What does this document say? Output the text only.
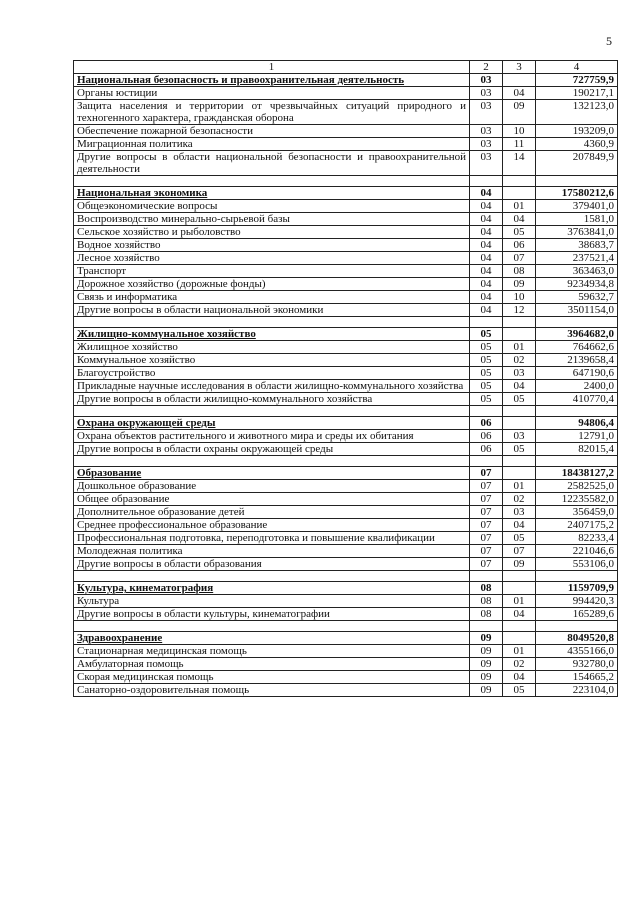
5
1	2	3	4
Национальная безопасность и правоохранительная деятельность	03		727759,9
Органы юстиции	03	04	190217,1
Защита населения и территории от чрезвычайных ситуаций природного и техногенного характера, гражданская оборона	03	09	132123,0
Обеспечение пожарной безопасности	03	10	193209,0
Миграционная политика	03	11	4360,9
Другие вопросы в области национальной безопасности и правоохранительной деятельности	03	14	207849,9

Национальная экономика	04		17580212,6
Общеэкономические вопросы	04	01	379401,0
Воспроизводство минерально-сырьевой базы	04	04	1581,0
Сельское хозяйство и рыболовство	04	05	3763841,0
Водное хозяйство	04	06	38683,7
Лесное хозяйство	04	07	237521,4
Транспорт	04	08	363463,0
Дорожное хозяйство (дорожные фонды)	04	09	9234934,8
Связь и информатика	04	10	59632,7
Другие вопросы в области национальной экономики	04	12	3501154,0

Жилищно-коммунальное хозяйство	05		3964682,0
Жилищное хозяйство	05	01	764662,6
Коммунальное хозяйство	05	02	2139658,4
Благоустройство	05	03	647190,6
Прикладные научные исследования в области жилищно-коммунального хозяйства	05	04	2400,0
Другие вопросы в области жилищно-коммунального хозяйства	05	05	410770,4

Охрана окружающей среды	06		94806,4
Охрана объектов растительного и животного мира и среды их обитания	06	03	12791,0
Другие вопросы в области охраны окружающей среды	06	05	82015,4

Образование	07		18438127,2
Дошкольное образование	07	01	2582525,0
Общее образование	07	02	12235582,0
Дополнительное образование детей	07	03	356459,0
Среднее профессиональное образование	07	04	2407175,2
Профессиональная подготовка, переподготовка и повышение квалификации	07	05	82233,4
Молодежная политика	07	07	221046,6
Другие вопросы в области образования	07	09	553106,0

Культура, кинематография	08		1159709,9
Культура	08	01	994420,3
Другие вопросы в области культуры, кинематографии	08	04	165289,6

Здравоохранение	09		8049520,8
Стационарная медицинская помощь	09	01	4355166,0
Амбулаторная помощь	09	02	932780,0
Скорая медицинская помощь	09	04	154665,2
Санаторно-оздоровительная помощь	09	05	223104,0
